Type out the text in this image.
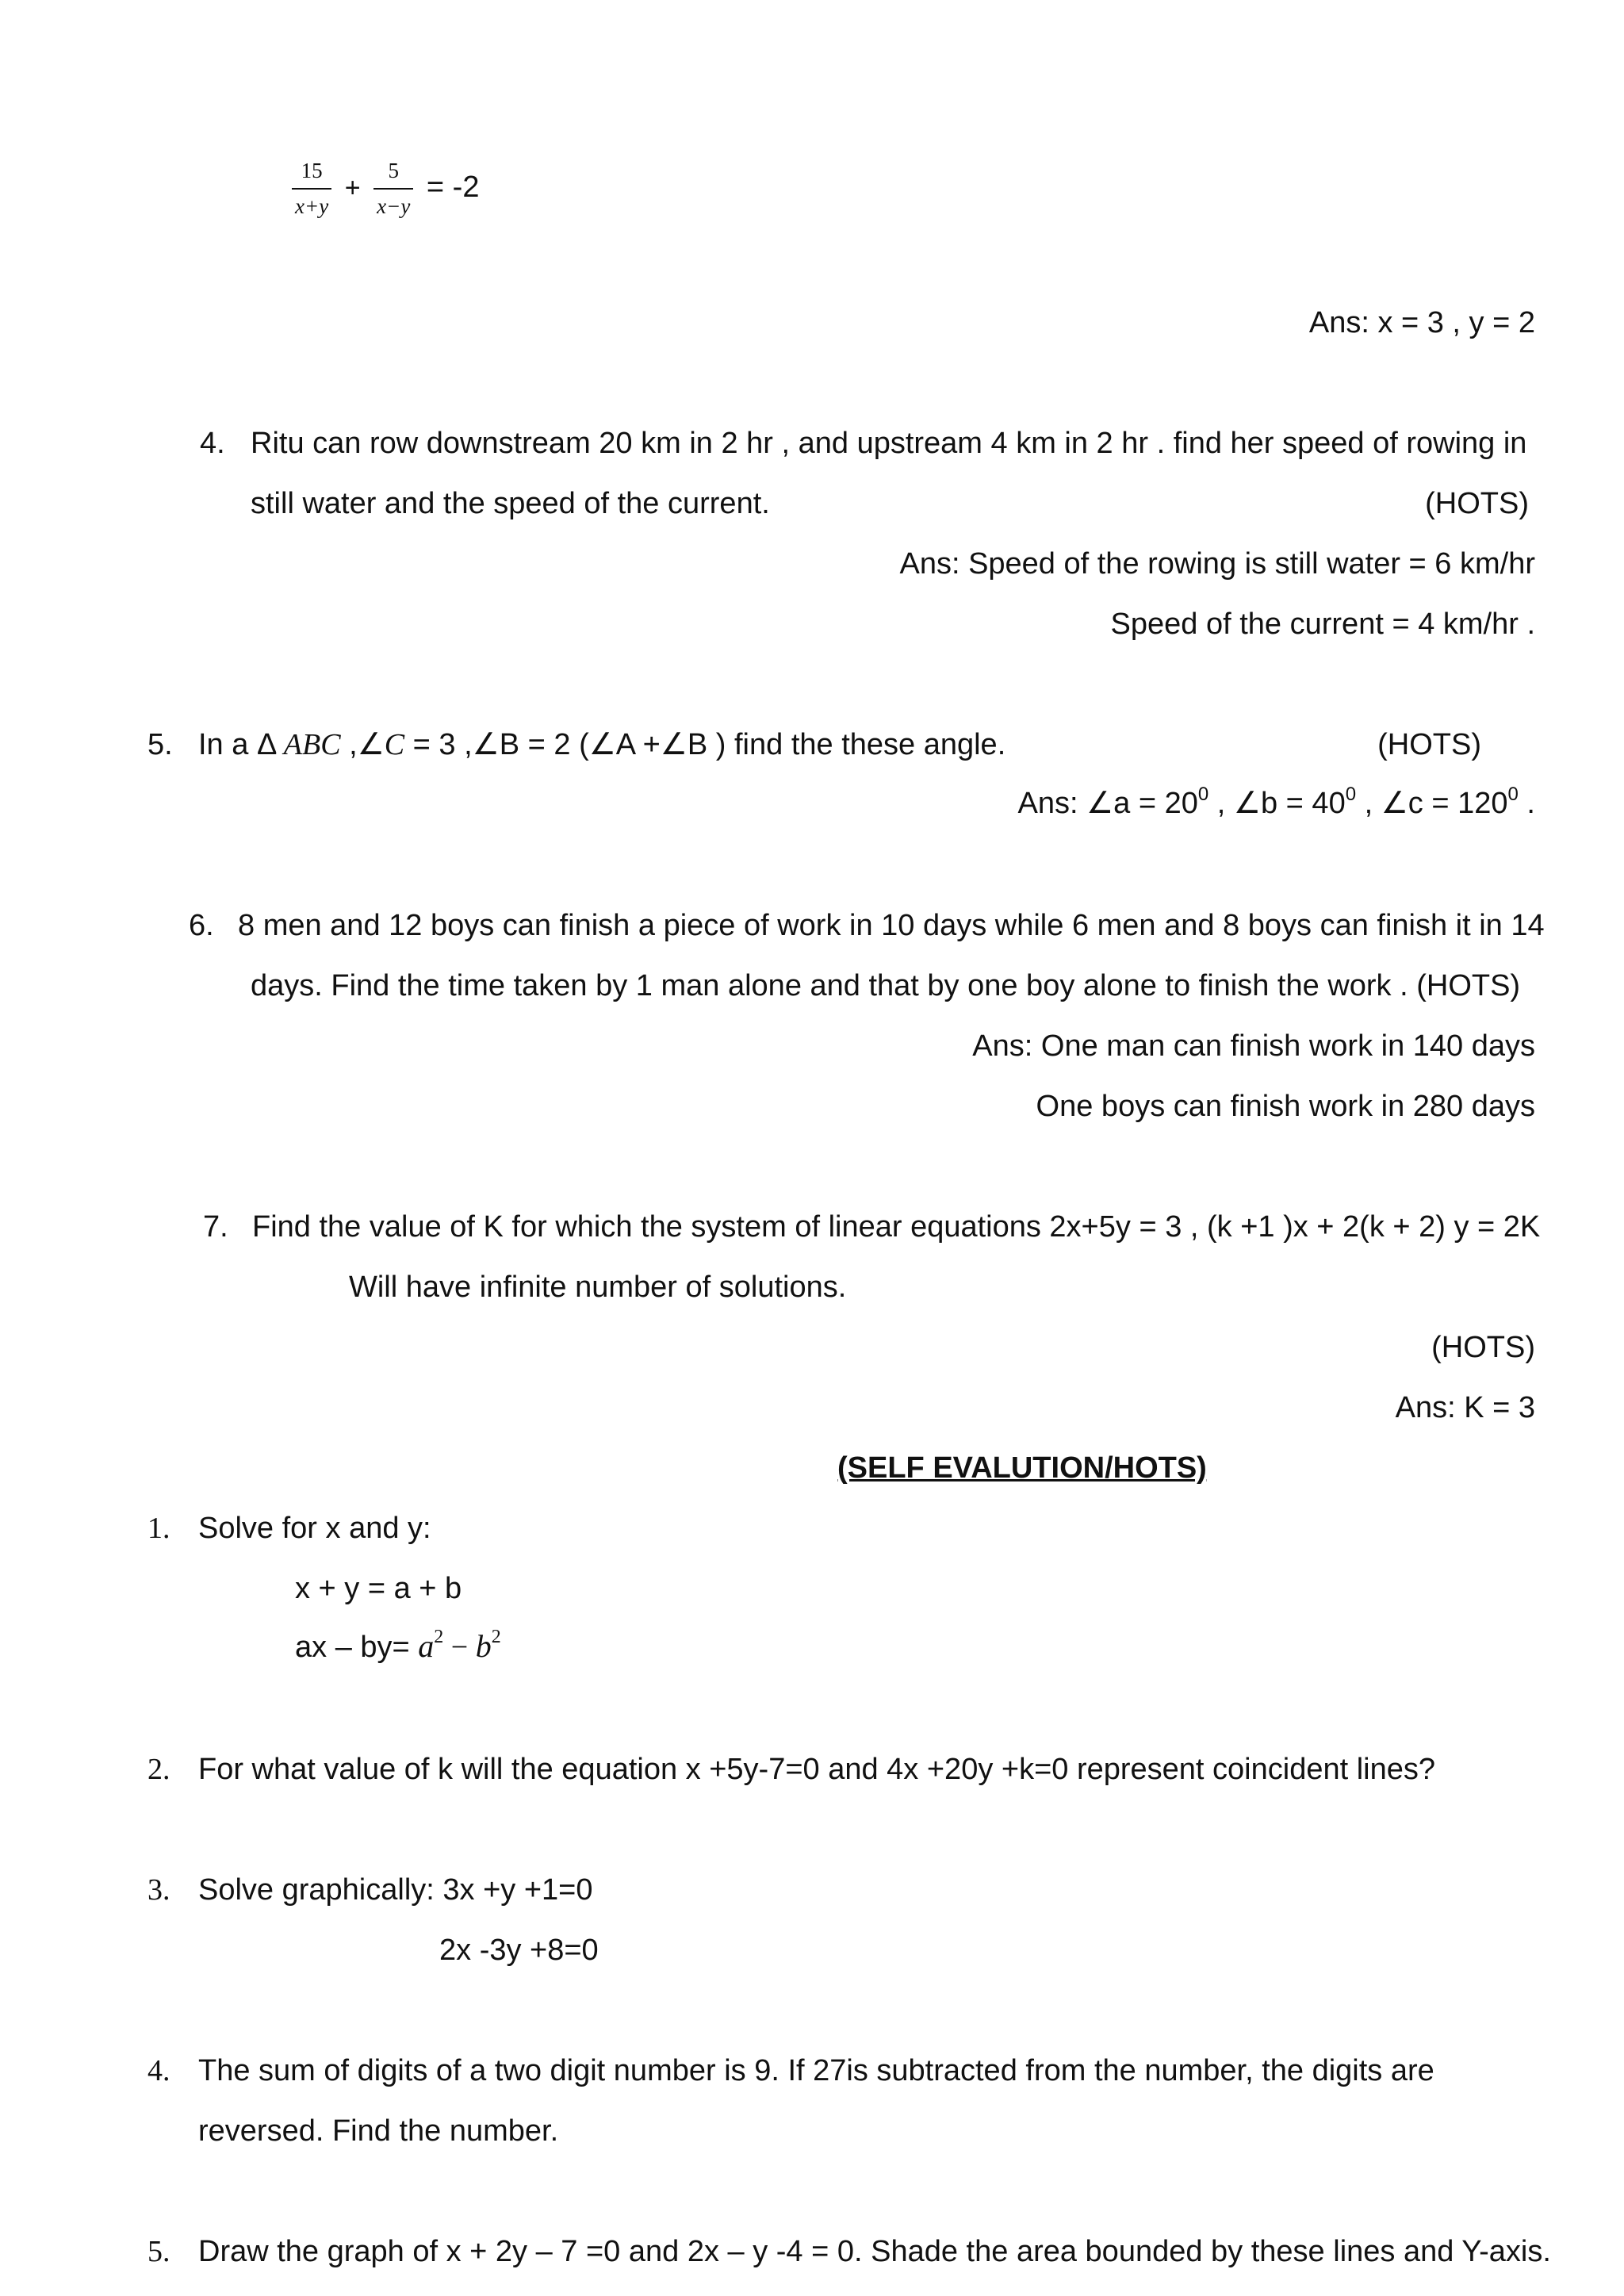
$\frac{15}{x+y} + \frac{5}{x-y} = -2$
Ans: x = 3 , y = 2
4. Ritu can row downstream 20 km in 2 hr , and upstream 4 km in 2 hr . find her speed of rowing in
still water and the speed of the current.	(HOTS)
Ans: Speed of the rowing is still water = 6 km/hr
Speed of the current = 4 km/hr .
5. In a Δ ABC ,∠C = 3 ,∠B = 2 (∠A +∠B ) find the these angle.	(HOTS)
Ans: ∠a = $20^0$ , ∠b = $40^0$ , ∠c = $120^0$ .
6. 8 men and 12 boys can finish a piece of work in 10 days while 6 men and 8 boys can finish it in 14
days. Find the time taken by 1 man alone and that by one boy alone to finish the work . (HOTS)
Ans: One man can finish work in 140 days
One boys can finish work in 280 days
7. Find the value of K for which the system of linear equations 2x+5y = 3 , (k +1 )x + 2(k + 2) y = 2K
Will have infinite number of solutions.
(HOTS)
Ans: K = 3
(SELF EVALUTION/HOTS)
1. Solve for x and y:
x + y = a + b
ax – $by= a^2 - b^2$
2. For what value of k will the equation x +5y-7=0 and 4x +20y +k=0 represent coincident lines?
3. Solve graphically: 3x +y +1=0
2x -3y +8=0
4. The sum of digits of a two digit number is 9. If 27is subtracted from the number, the digits are
reversed. Find the number.
5. Draw the graph of x + 2y – 7 =0 and 2x – y -4 = 0. Shade the area bounded by these lines and Y-axis.
